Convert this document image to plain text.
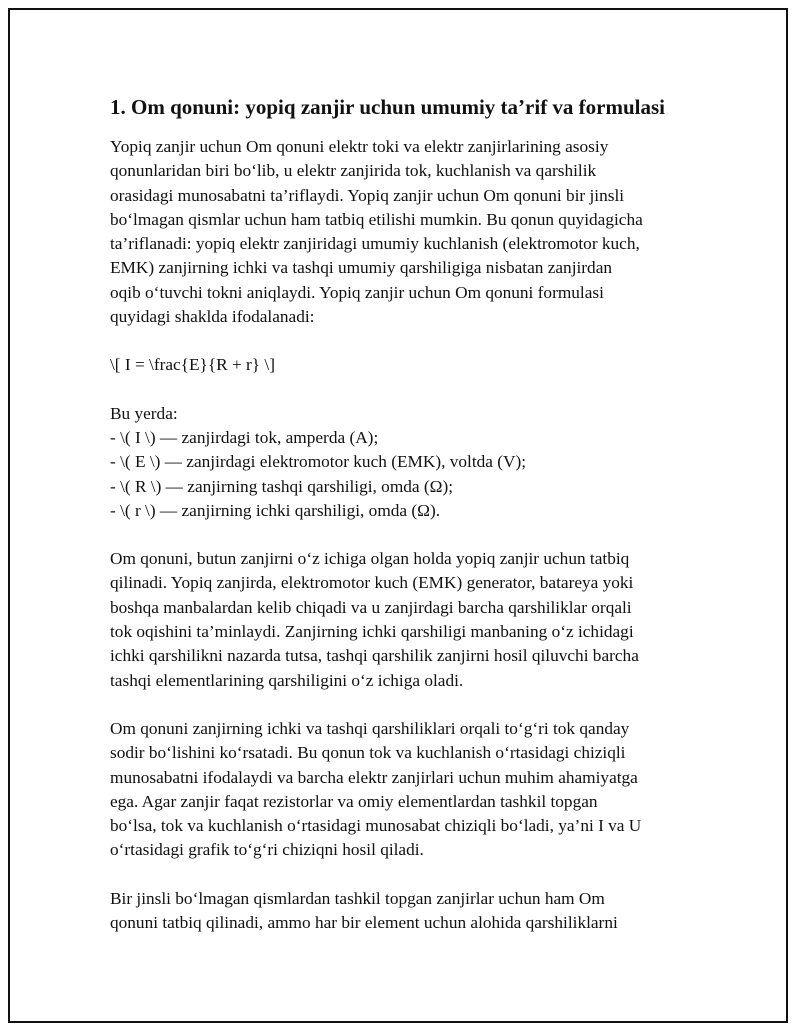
1. Om qonuni: yopiq zanjir uchun umumiy ta’rif va formulasi
Yopiq zanjir uchun Om qonuni elektr toki va elektr zanjirlarining asosiy
qonunlaridan biri bo‘lib, u elektr zanjirida tok, kuchlanish va qarshilik
orasidagi munosabatni ta’riflaydi. Yopiq zanjir uchun Om qonuni bir jinsli
bo‘lmagan qismlar uchun ham tatbiq etilishi mumkin. Bu qonun quyidagicha
ta’riflanadi: yopiq elektr zanjiridagi umumiy kuchlanish (elektromotor kuch,
EMK) zanjirning ichki va tashqi umumiy qarshiligiga nisbatan zanjirdan
oqib o‘tuvchi tokni aniqlaydi. Yopiq zanjir uchun Om qonuni formulasi
quyidagi shaklda ifodalanadi:
\[ I = \frac{E}{R + r} \]
Bu yerda:
- \( I \) — zanjirdagi tok, amperda (A);
- \( E \) — zanjirdagi elektromotor kuch (EMK), voltda (V);
- \( R \) — zanjirning tashqi qarshiligi, omda (Ω);
- \( r \) — zanjirning ichki qarshiligi, omda (Ω).
Om qonuni, butun zanjirni o‘z ichiga olgan holda yopiq zanjir uchun tatbiq
qilinadi. Yopiq zanjirda, elektromotor kuch (EMK) generator, batareya yoki
boshqa manbalardan kelib chiqadi va u zanjirdagi barcha qarshiliklar orqali
tok oqishini ta’minlaydi. Zanjirning ichki qarshiligi manbaning o‘z ichidagi
ichki qarshilikni nazarda tutsa, tashqi qarshilik zanjirni hosil qiluvchi barcha
tashqi elementlarining qarshiligini o‘z ichiga oladi.
Om qonuni zanjirning ichki va tashqi qarshiliklari orqali to‘g‘ri tok qanday
sodir bo‘lishini ko‘rsatadi. Bu qonun tok va kuchlanish o‘rtasidagi chiziqli
munosabatni ifodalaydi va barcha elektr zanjirlari uchun muhim ahamiyatga
ega. Agar zanjir faqat rezistorlar va omiy elementlardan tashkil topgan
bo‘lsa, tok va kuchlanish o‘rtasidagi munosabat chiziqli bo‘ladi, ya’ni I va U
o‘rtasidagi grafik to‘g‘ri chiziqni hosil qiladi.
Bir jinsli bo‘lmagan qismlardan tashkil topgan zanjirlar uchun ham Om
qonuni tatbiq qilinadi, ammo har bir element uchun alohida qarshiliklarni
